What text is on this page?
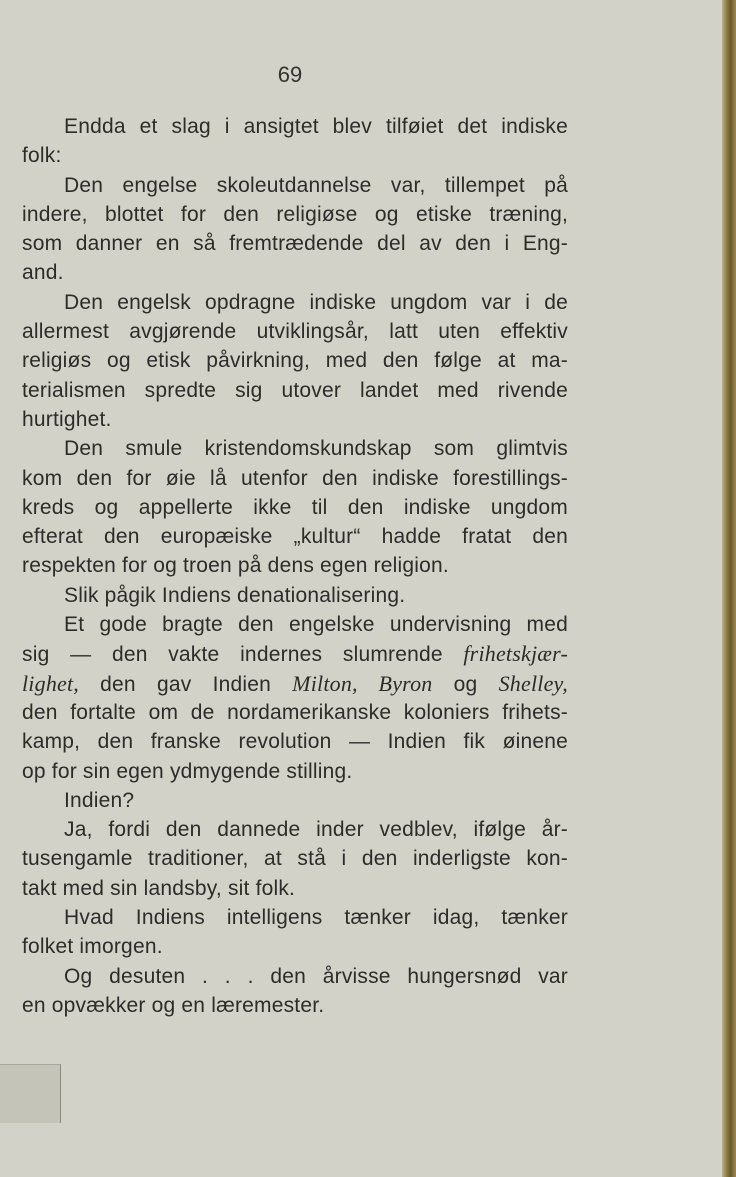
69
Endda et slag i ansigtet blev tilføiet det indiske
folk:
Den engelse skoleutdannelse var, tillempet på
indere, blottet for den religiøse og etiske træning,
som danner en så fremtrædende del av den i Eng-
and.
Den engelsk opdragne indiske ungdom var i de
allermest avgjørende utviklingsår, latt uten effektiv
religiøs og etisk påvirkning, med den følge at ma-
terialismen spredte sig utover landet med rivende
hurtighet.
Den smule kristendomskundskap som glimtvis
kom den for øie lå utenfor den indiske forestillings-
kreds og appellerte ikke til den indiske ungdom
efterat den europæiske „kultur“ hadde fratat den
respekten for og troen på dens egen religion.
Slik pågik Indiens denationalisering.
Et gode bragte den engelske undervisning med
sig — den vakte indernes slumrende frihetskjær-
lighet, den gav Indien Milton, Byron og Shelley,
den fortalte om de nordamerikanske koloniers frihets-
kamp, den franske revolution — Indien fik øinene
op for sin egen ydmygende stilling.
Indien?
Ja, fordi den dannede inder vedblev, ifølge år-
tusengamle traditioner, at stå i den inderligste kon-
takt med sin landsby, sit folk.
Hvad Indiens intelligens tænker idag, tænker
folket imorgen.
Og desuten . . . den årvisse hungersnød var
en opvækker og en læremester.
